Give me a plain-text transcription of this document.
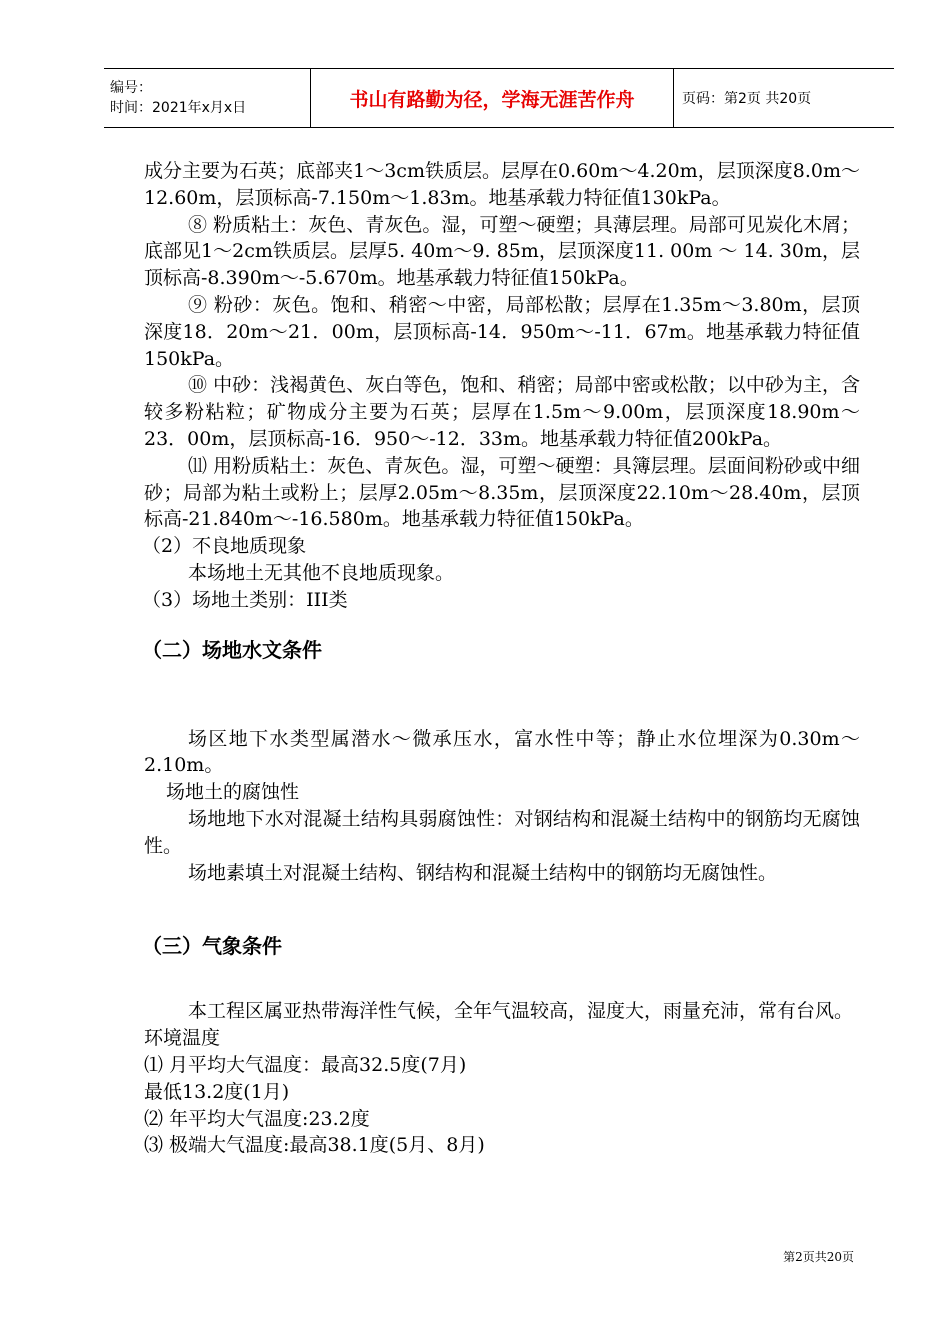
编号：
时间：2021年x月x日	书山有路勤为径，学海无涯苦作舟	页码：第2页 共20页

成分主要为石英；底部夹1～3cm铁质层。层厚在0.60m～4.20m，层顶深度8.0m～12.60m，层顶标高-7.150m～1.83m。地基承载力特征值130kPa。

⑧ 粉质粘土：灰色、青灰色。湿，可塑～硬塑；具薄层理。局部可见炭化木屑；底部见1～2cm铁质层。层厚5. 40m～9. 85m，层顶深度11. 00m ～ 14. 30m，层顶标高-8.390m～-5.670m。地基承载力特征值150kPa。

⑨ 粉砂：灰色。饱和、稍密～中密，局部松散；层厚在1.35m～3.80m，层顶深度18．20m～21．00m，层顶标高-14．950m～-11．67m。地基承载力特征值150kPa。

⑩ 中砂：浅褐黄色、灰白等色，饱和、稍密；局部中密或松散；以中砂为主，含较多粉粘粒；矿物成分主要为石英；层厚在1.5m～9.00m，层顶深度18.90m～23．00m，层顶标高-16．950～-12．33m。地基承载力特征值200kPa。

⑾ 用粉质粘土：灰色、青灰色。湿，可塑～硬塑：具簿层理。层面间粉砂或中细砂；局部为粘土或粉上；层厚2.05m～8.35m，层顶深度22.10m～28.40m，层顶标高-21.840m～-16.580m。地基承载力特征值150kPa。

（2）不良地质现象

本场地土无其他不良地质现象。

（3）场地土类别：III类

（二）场地水文条件

场区地下水类型属潜水～微承压水，富水性中等；静止水位埋深为0.30m～2.10m。

场地土的腐蚀性

场地地下水对混凝土结构具弱腐蚀性：对钢结构和混凝土结构中的钢筋均无腐蚀性。

场地素填土对混凝土结构、钢结构和混凝土结构中的钢筋均无腐蚀性。

（三）气象条件

本工程区属亚热带海洋性气候，全年气温较高，湿度大，雨量充沛，常有台风。

环境温度

⑴ 月平均大气温度：最高32.5度(7月)

最低13.2度(1月)

⑵ 年平均大气温度:23.2度

⑶ 极端大气温度:最高38.1度(5月、8月)

第2页共20页
